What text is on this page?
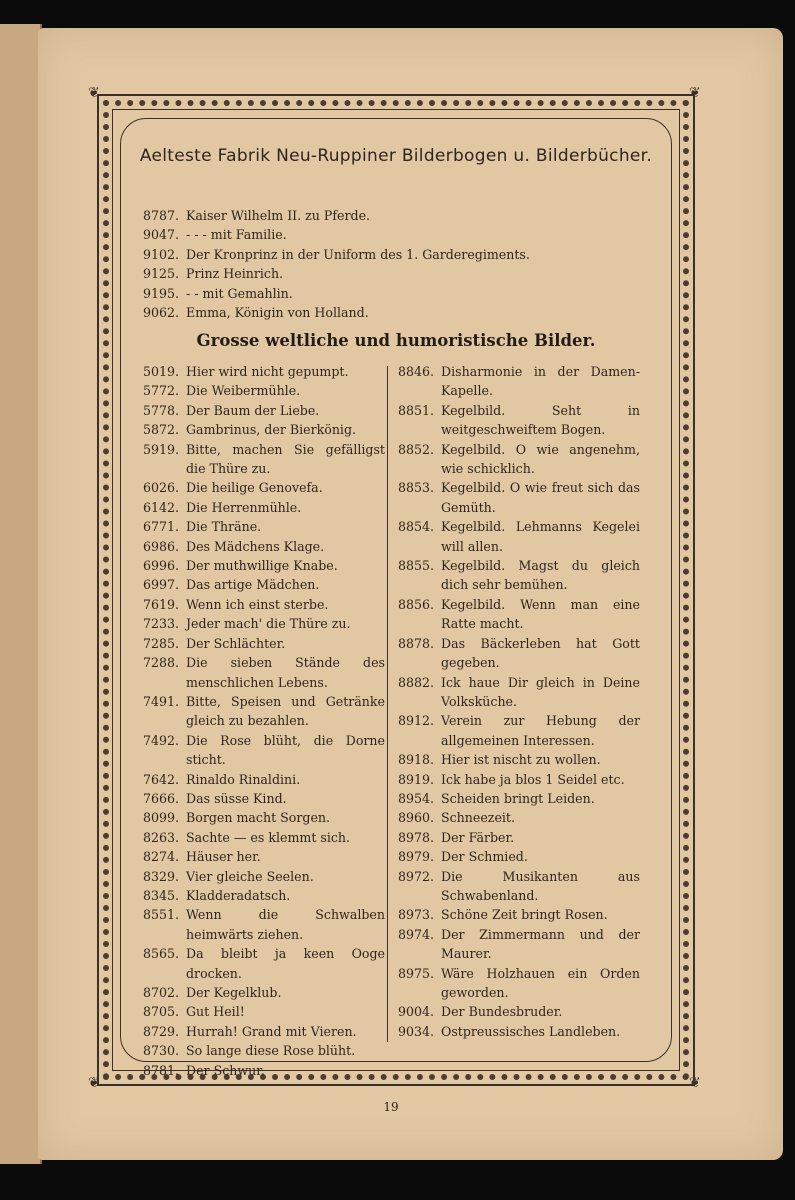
❦	❦
❦	❦
Aelteste Fabrik Neu-Ruppiner Bilderbogen u. Bilderbücher.
8787. Kaiser Wilhelm II. zu Pferde.
9047. - - - mit Familie.
9102. Der Kronprinz in der Uniform des 1. Garderegiments.
9125. Prinz Heinrich.
9195. - - mit Gemahlin.
9062. Emma, Königin von Holland.
Grosse weltliche und humoristische Bilder.
5019. Hier wird nicht gepumpt.
5772. Die Weibermühle.
5778. Der Baum der Liebe.
5872. Gambrinus, der Bierkönig.
5919. Bitte, machen Sie gefälligst die Thüre zu.
6026. Die heilige Genovefa.
6142. Die Herrenmühle.
6771. Die Thräne.
6986. Des Mädchens Klage.
6996. Der muthwillige Knabe.
6997. Das artige Mädchen.
7619. Wenn ich einst sterbe.
7233. Jeder mach' die Thüre zu.
7285. Der Schlächter.
7288. Die sieben Stände des menschlichen Lebens.
7491. Bitte, Speisen und Getränke gleich zu bezahlen.
7492. Die Rose blüht, die Dorne sticht.
7642. Rinaldo Rinaldini.
7666. Das süsse Kind.
8099. Borgen macht Sorgen.
8263. Sachte — es klemmt sich.
8274. Häuser her.
8329. Vier gleiche Seelen.
8345. Kladderadatsch.
8551. Wenn die Schwalben heimwärts ziehen.
8565. Da bleibt ja keen Ooge drocken.
8702. Der Kegelklub.
8705. Gut Heil!
8729. Hurrah! Grand mit Vieren.
8730. So lange diese Rose blüht.
8781. Der Schwur.
8846. Disharmonie in der Damen-Kapelle.
8851. Kegelbild. Seht in weitgeschweiftem Bogen.
8852. Kegelbild. O wie angenehm, wie schicklich.
8853. Kegelbild. O wie freut sich das Gemüth.
8854. Kegelbild. Lehmanns Kegelei will allen.
8855. Kegelbild. Magst du gleich dich sehr bemühen.
8856. Kegelbild. Wenn man eine Ratte macht.
8878. Das Bäckerleben hat Gott gegeben.
8882. Ick haue Dir gleich in Deine Volksküche.
8912. Verein zur Hebung der allgemeinen Interessen.
8918. Hier ist nischt zu wollen.
8919. Ick habe ja blos 1 Seidel etc.
8954. Scheiden bringt Leiden.
8960. Schneezeit.
8978. Der Färber.
8979. Der Schmied.
8972. Die Musikanten aus Schwabenland.
8973. Schöne Zeit bringt Rosen.
8974. Der Zimmermann und der Maurer.
8975. Wäre Holzhauen ein Orden geworden.
9004. Der Bundesbruder.
9034. Ostpreussisches Landleben.
19
